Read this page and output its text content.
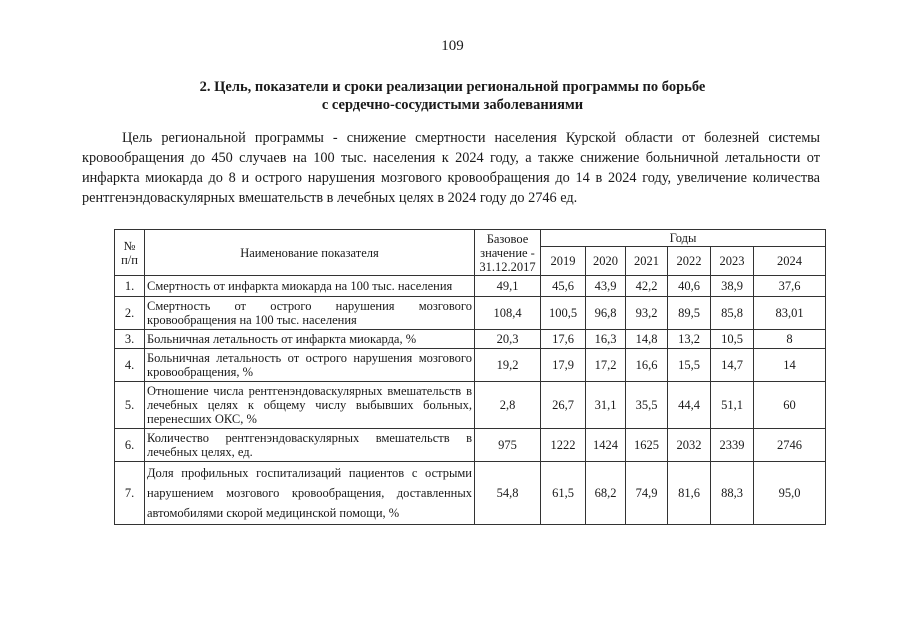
109
2. Цель, показатели и сроки реализации региональной программы по борьбе
с сердечно-сосудистыми заболеваниями
Цель региональной программы - снижение смертности населения Курской области от болезней системы кровообращения до 450 случаев на 100 тыс. населения к 2024 году, а также снижение больничной летальности от инфаркта миокарда до 8 и острого нарушения мозгового кровообращения до 14 в 2024 году, увеличение количества рентгенэндоваскулярных вмешательств в лечебных целях в 2024 году до 2746 ед.
№ п/п	Наименование показателя	Базовое значение - 31.12.2017	Годы					
			2019	2020	2021	2022	2023	2024
1.	Смертность от инфаркта миокарда на 100 тыс. населения	49,1	45,6	43,9	42,2	40,6	38,9	37,6
2.	Смертность от острого нарушения мозгового кровообращения на 100 тыс. населения	108,4	100,5	96,8	93,2	89,5	85,8	83,01
3.	Больничная летальность от инфаркта миокарда, %	20,3	17,6	16,3	14,8	13,2	10,5	8
4.	Больничная летальность от острого нарушения мозгового кровообращения, %	19,2	17,9	17,2	16,6	15,5	14,7	14
5.	Отношение числа рентгенэндоваскулярных вмешательств в лечебных целях к общему числу выбывших больных, перенесших ОКС, %	2,8	26,7	31,1	35,5	44,4	51,1	60
6.	Количество рентгенэндоваскулярных вмешательств в лечебных целях, ед.	975	1222	1424	1625	2032	2339	2746
7.	Доля профильных госпитализаций пациентов с острыми нарушением мозгового кровообращения, доставленных автомобилями скорой медицинской помощи, %	54,8	61,5	68,2	74,9	81,6	88,3	95,0
